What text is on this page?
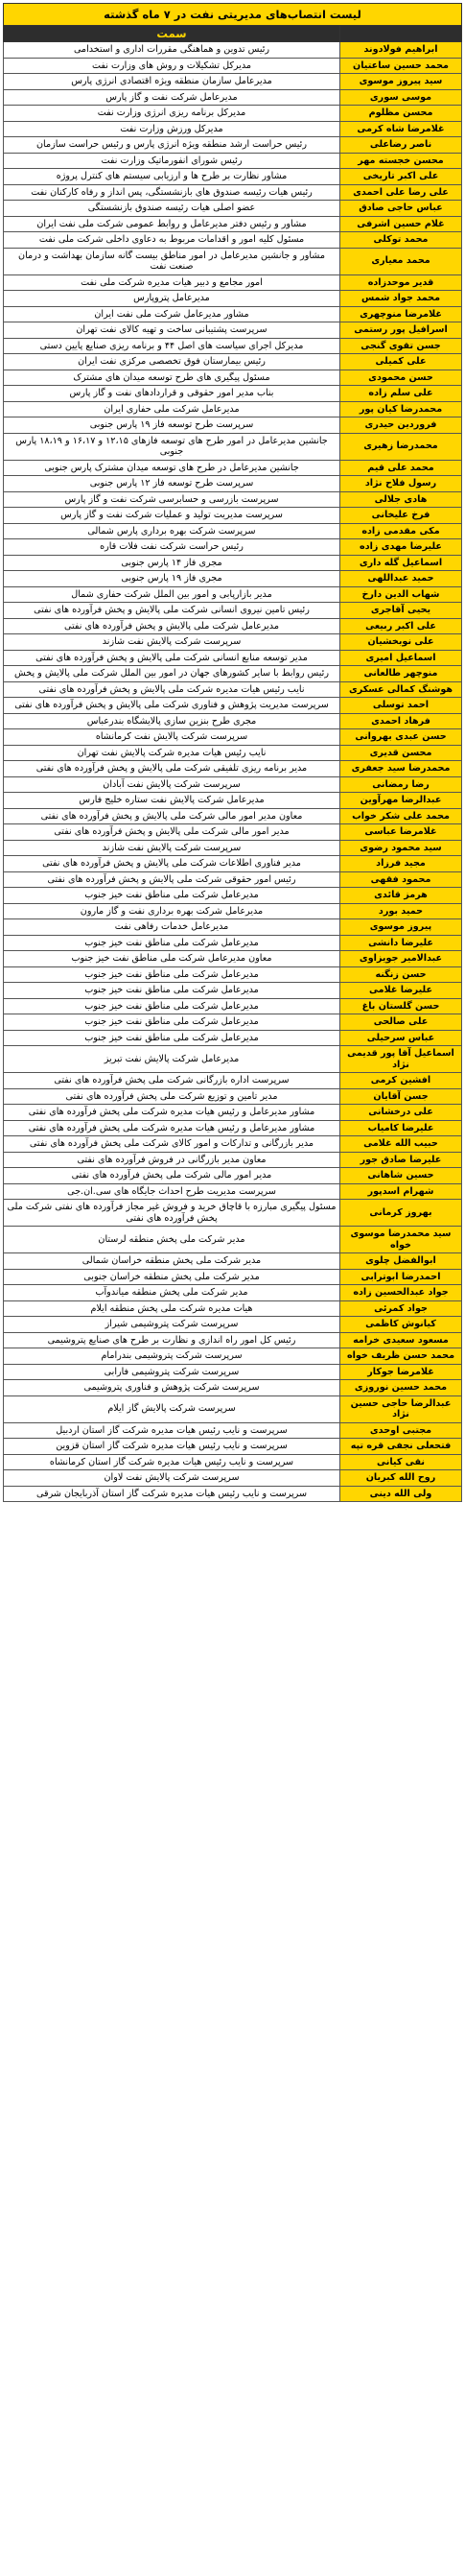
لیست انتصاب‌های مدیریتی نفت در ۷ ماه گذشته
	سمت
ابراهیم فولادوند	رئیس تدوین و هماهنگی مقررات اداری و استخدامی
محمد حسین ساعتیان	مدیرکل تشکیلات و روش های وزارت نفت
سید پیروز موسوی	مدیرعامل سازمان منطقه ویژه اقتصادی انرژی پارس
موسی سوری	مدیرعامل شرکت نفت و گاز پارس
محسن مظلوم	مدیرکل برنامه ریزی انرژی وزارت نفت
غلامرضا شاه کرمی	مدیرکل ورزش وزارت نفت
ناصر رضاعلی	رئیس حراست ارشد منطقه ویژه انرژی پارس و رئیس حراست سازمان
محسن خجسته مهر	رئیس شورای انفورماتیک وزارت نفت
علی اکبر تاریخی	مشاور نظارت بر طرح ها و ارزیابی سیستم های کنترل پروژه
علی رضا علی احمدی	رئیس هیات رئیسه صندوق های بازنشستگی، پس انداز و رفاه کارکنان نفت
عباس حاجی صادق	عضو اصلی هیات رئیسه صندوق بازنشستگی
غلام حسین اشرفی	مشاور و رئیس دفتر مدیرعامل و روابط عمومی شرکت ملی نفت ایران
محمد توکلی	مسئول کلیه امور و اقدامات مربوط به دعاوی داخلی شرکت ملی نفت
محمد معیاری	مشاور و جانشین مدیرعامل در امور مناطق بیست گانه سازمان بهداشت و درمان صنعت نفت
قدیر موحدزاده	امور مجامع و دبیر هیات مدیره شرکت ملی نفت
محمد جواد شمس	مدیرعامل پتروپارس
غلامرضا منوچهری	مشاور مدیرعامل شرکت ملی نفت ایران
اسرافیل پور رستمی	سرپرست پشتیبانی ساخت و تهیه کالای نفت تهران
جسن تقوی گنجی	مدیرکل اجرای سیاست های اصل ۴۴ و برنامه ریزی صنایع پایین دستی
علی کمیلی	رئیس بیمارستان فوق تخصصی مرکزی نفت ایران
حسن محمودی	مسئول پیگیری های طرح توسعه میدان های مشترک
علی سلم زاده	بناب مدیر امور حقوقی و قراردادهای نفت و گاز پارس
محمدرضا کیان پور	مدیرعامل شرکت ملی حفاری ایران
فروردین حیدری	سرپرست طرح توسعه فاز ۱۹ پارس جنوبی
محمدرضا زهیری	جانشین مدیرعامل در امور طرح های توسعه فازهای ۱۲،۱۵ و ۱۶،۱۷ و ۱۸،۱۹ پارس جنوبی
محمد علی قیم	جانشین مدیرعامل در طرح های توسعه میدان مشترک پارس جنوبی
رسول فلاح نژاد	سرپرست طرح توسعه فاز ۱۲ پارس جنوبی
هادی جلالی	سرپرست بازرسی و حسابرسی شرکت نفت و گاز پارس
فرخ علیخانی	سرپرست مدیریت تولید و عملیات شرکت نفت و گاز پارس
مکی مقدمی زاده	سرپرست شرکت بهره برداری پارس شمالی
علیرضا مهدی زاده	رئیس حراست شرکت نفت فلات قاره
اسماعیل گله داری	مجری فاز ۱۴ پارس جنوبی
حمید عبداللهی	مجری فاز ۱۹ پارس جنوبی
شهاب الدین دارخ	مدیر بازارپابی و امور بین الملل شرکت حفاری شمال
یحیی آقاجری	رئیس تامین نیروی انسانی شرکت ملی پالایش و پخش فرآورده های نفتی
علی اکبر ربیعی	مدیرعامل شرکت ملی پالایش و پخش فرآورده های نفتی
علی نوبخشیان	سرپرست شرکت پالایش نفت شازند
اسماعیل امیری	مدیر توسعه منابع انسانی شرکت ملی پالایش و پخش فرآورده های نفتی
منوچهر طالعانی	رئیس روابط با سایر کشورهای جهان در امور بین الملل شرکت ملی پالایش و پخش
هوشنگ کمالی عسکری	نایب رئیس هیات مدیره شرکت ملی پالایش و پخش فرآورده های نفتی
احمد توسلی	سرپرست مدیریت پژوهش و فناوری شرکت ملی پالایش و پخش فرآورده های نفتی
فرهاد احمدی	مجری طرح بنزین سازی پالایشگاه بندرعباس
حسن عبدی بهروانی	سرپرست شرکت پالایش نفت کرمانشاه
محسن قدیری	نایب رئیس هیات مدیره شرکت پالایش نفت تهران
محمدرضا سید جعفری	مدیر برنامه ریزی تلفیقی شرکت ملی پالایش و پخش فرآورده های نفتی
رضا رمضانی	سرپرست شرکت پالایش نفت آبادان
عبدالرضا مهرآوین	مدیرعامل شرکت پالایش نفت ستاره خلیج فارس
محمد علی شکر خواب	معاون مدیر امور مالی شرکت ملی پالایش و پخش فرآورده های نفتی
غلامرضا عباسی	مدیر امور مالی شرکت ملی پالایش و پخش فرآورده های نفتی
سید محمود رضوی	سرپرست شرکت پالایش نفت شازند
مجید فرزاد	مدیر فناوری اطلاعات شرکت ملی پالایش و پخش فرآورده های نفتی
محمود فقهی	رئیس امور حقوقی شرکت ملی پالایش و پخش فرآورده های نفتی
هرمز قائدی	مدیرعامل شرکت ملی مناطق نفت خیز جنوب
حمید بورد	مدیرعامل شرکت بهره برداری نفت و گاز مارون
پیروز موسوی	مدیرعامل خدمات رفاهی نفت
علیرضا دانشی	مدیرعامل شرکت ملی مناطق نفت خیز جنوب
عبدالامیر جویزاوی	معاون مدیرعامل شرکت ملی مناطق نفت خیز جنوب
حسن زنگنه	مدیرعامل شرکت ملی مناطق نفت خیز جنوب
علیرضا غلامی	مدیرعامل شرکت ملی مناطق نفت خیز جنوب
حسن گلستان باغ	مدیرعامل شرکت ملی مناطق نفت خیز جنوب
علی صالحی	مدیرعامل شرکت ملی مناطق نفت خیز جنوب
عباس سرحیلی	مدیرعامل شرکت ملی مناطق نفت خیز جنوب
اسماعیل آقا پور قدیمی نژاد	مدیرعامل شرکت پالایش نفت تبریز
افشین کرمی	سرپرست اداره بازرگانی شرکت ملی پخش فرآورده های نفتی
جسن آقایان	مدیر تامین و توزیع شرکت ملی پخش فرآورده های نفتی
علی درخشانی	مشاور مدیرعامل و رئیس هیات مدیره شرکت ملی پخش فرآورده های نفتی
علیرضا کامیاب	مشاور مدیرعامل و رئیس هیات مدیره شرکت ملی پخش فرآورده های نفتی
حبیب الله غلامی	مدیر بازرگانی و تدارکات و امور کالای شرکت ملی پخش فرآورده های نفتی
علیرضا صادق جور	معاون مدیر بازرگانی در فروش فرآورده های نفتی
حسین شاهانی	مدیر امور مالی شرکت ملی پخش فرآورده های نفتی
شهرام اسدپور	سرپرست مدیریت طرح احداث جایگاه های سی.ان.جی
بهروز کرمانی	مسئول پیگیری مبارزه با قاچاق خرید و فروش غیر مجاز فرآورده های نفتی شرکت ملی پخش فرآورده های نفتی
سید محمدرضا موسوی خواه	مدیر شرکت ملی پخش منطقه لرستان
ابوالفضل چلوی	مدیر شرکت ملی پخش منطقه خراسان شمالی
احمدرضا ابوترابی	مدیر شرکت ملی پخش منطقه خراسان جنوبی
جواد عبدالحسین زاده	مدیر شرکت ملی پخش منطقه میاندوآب
جواد کمرئی	هیات مدیره شرکت ملی پخش منطقه ایلام
کیانوش کاظمی	سرپرست شرکت پتروشیمی شیراز
مسعود سعیدی خرامه	رئیس کل امور راه اندازی و نظارت بر طرح های صنایع پتروشیمی
محمد حسن ظریف خواه	سرپرست شرکت پتروشیمی بندرامام
غلامرضا جوکار	سرپرست شرکت پتروشیمی فارابی
محمد حسین نوروزی	سرپرست شرکت پژوهش و فناوری پتروشیمی
عبدالرضا حاجی حسین نژاد	سرپرست شرکت پالایش گاز ایلام
مجتبی اوحدی	سرپرست و نایب رئیس هیات مدیره شرکت گاز استان اردبیل
فتحعلی نجفی قره تپه	سرپرست و نایب رئیس هیات مدیره شرکت گاز استان قزوین
نقی کیانی	سرپرست و نایب رئیس هیات مدیره شرکت گاز استان کرمانشاه
روح الله کبریان	سرپرست شرکت پالایش نفت لاوان
ولی الله دینی	سرپرست و نایب رئیس هیات مدیره شرکت گاز استان آذربایجان شرقی
